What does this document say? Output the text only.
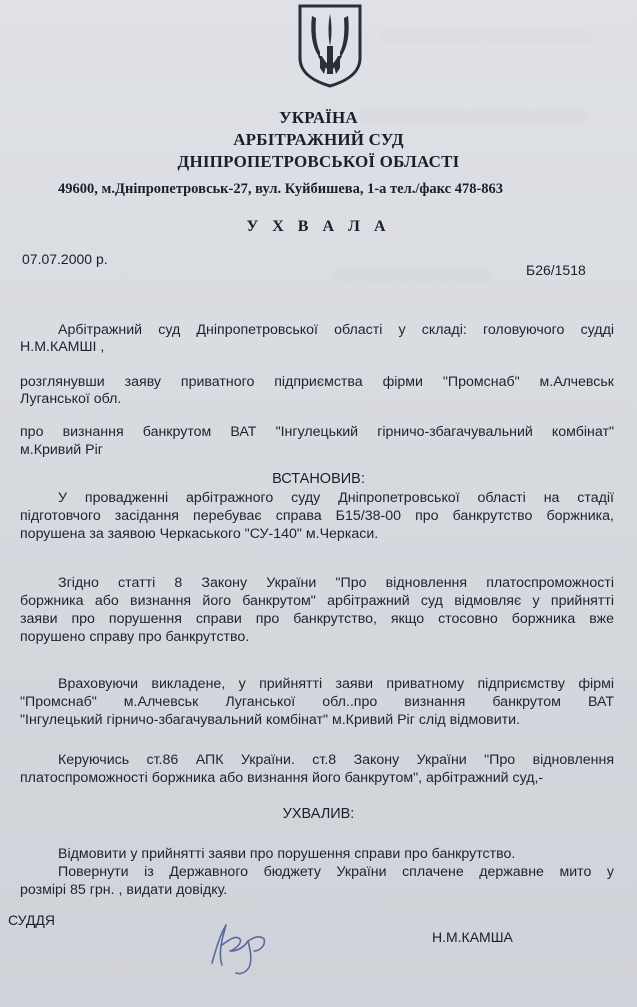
▒▒▒▒▒▒▒▒▒▒▒▒▒▒▒▒▒▒▒▒▒▒▒▒▒▒▒
▒▒▒▒▒▒▒▒▒▒▒▒▒▒▒▒▒▒▒▒▒▒▒▒▒▒▒▒▒
▒▒▒▒▒▒▒▒▒▒▒▒▒▒▒▒▒▒▒▒▒
УКРАЇНА
АРБІТРАЖНИЙ СУД
ДНІПРОПЕТРОВСЬКОЇ ОБЛАСТІ
49600, м.Дніпропетровськ-27, вул. Куйбишева, 1-а тел./факс 478-863
У Х В А Л А
07.07.2000 р.
Б26/1518
Арбітражний суд Дніпропетровської області у складі: головуючого судді
Н.М.КАМШІ ,
розглянувши заяву приватного підприємства фірми "Промснаб" м.Алчевськ
Луганської обл.
про визнання банкрутом ВАТ "Інгулецький гірничо-збагачувальний комбінат"
м.Кривий Ріг
ВСТАНОВИВ:
У провадженні арбітражного суду Дніпропетровської області на стадії
підготовчого засідання перебуває справа Б15/38-00 про банкрутство боржника,
порушена за заявою Черкаського "СУ-140" м.Черкаси.
Згідно статті 8 Закону України "Про відновлення платоспроможності
боржника або визнання його банкрутом" арбітражний суд відмовляє у прийнятті
заяви про порушення справи про банкрутство, якщо стосовно боржника вже
порушено справу про банкрутство.
Враховуючи викладене, у прийнятті заяви приватному підприємству фірмі
"Промснаб" м.Алчевськ Луганської обл..про визнання банкрутом ВАТ
"Інгулецький гірничо-збагачувальний комбінат" м.Кривий Ріг слід відмовити.
Керуючись ст.86 АПК України. ст.8 Закону України "Про відновлення
платоспроможності боржника або визнання його банкрутом", арбітражний суд,-
УХВАЛИВ:
Відмовити у прийнятті заяви про порушення справи про банкрутство.
Повернути із Державного бюджету України сплачене державне мито у
розмірі 85 грн. , видати довідку.
СУДДЯ
Н.М.КАМША
